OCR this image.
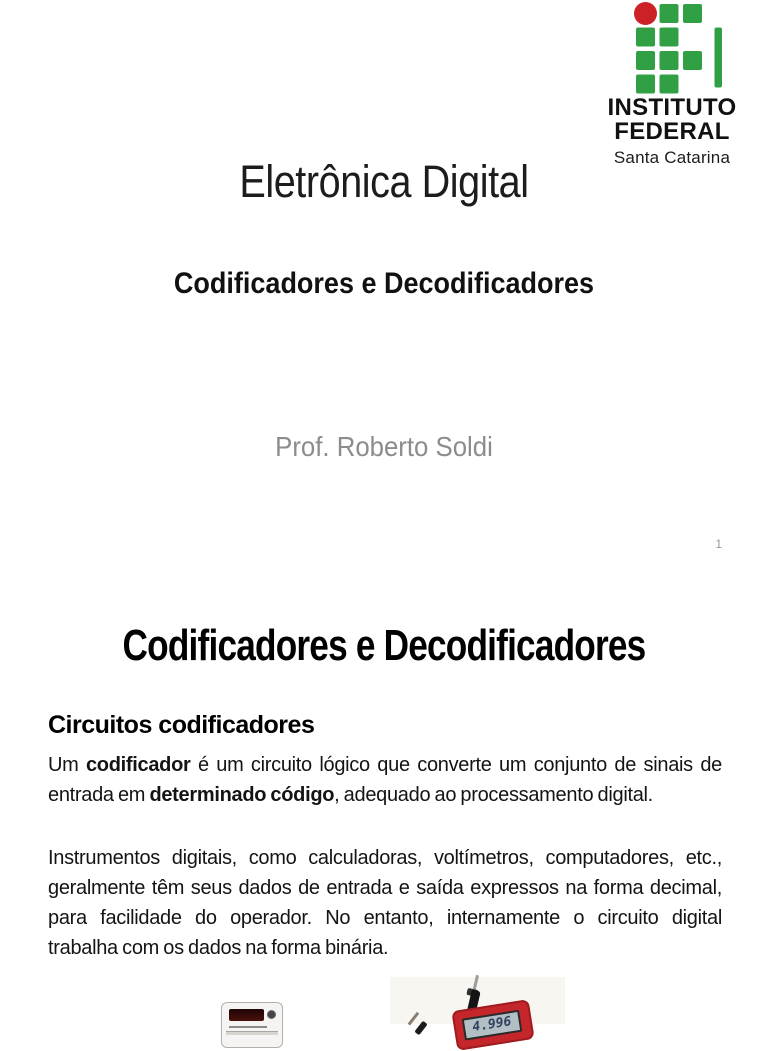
INSTITUTO
FEDERAL
Santa Catarina
Eletrônica Digital
Codificadores e Decodificadores
Prof. Roberto Soldi
1
Codificadores e Decodificadores
Circuitos codificadores
Um codificador é um circuito lógico que converte um conjunto de sinais de
entrada em determinado código, adequado ao processamento digital.
Instrumentos digitais, como calculadoras, voltímetros, computadores, etc.,
geralmente têm seus dados de entrada e saída expressos na forma decimal,
para facilidade do operador. No entanto, internamente o circuito digital
trabalha com os dados na forma binária.
4.996
